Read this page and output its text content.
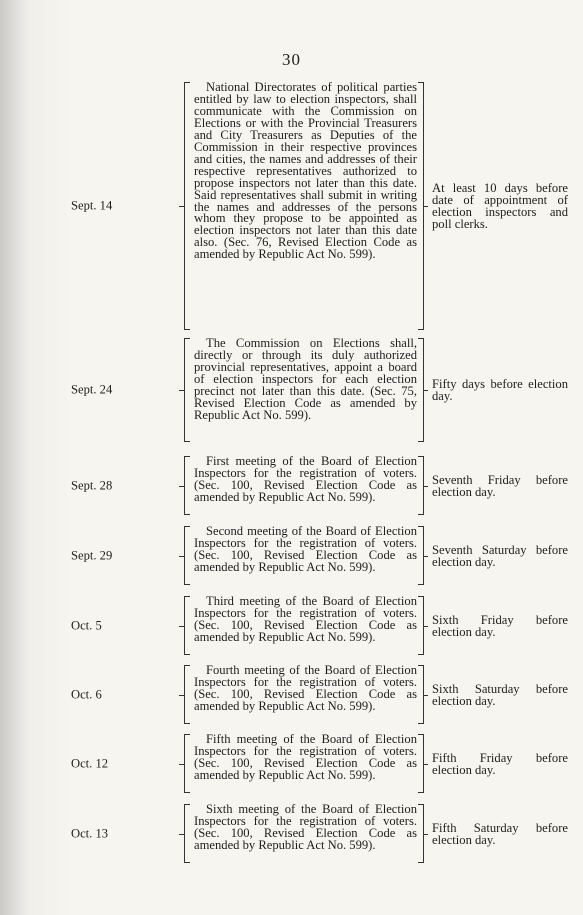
30
Sept. 14
National Directorates of political parties entitled by law to election inspectors, shall communicate with the Commission on Elections or with the Provincial Treasurers and City Treasurers as Deputies of the Commission in their respective provinces and cities, the names and addresses of their respective representatives authorized to propose inspectors not later than this date. Said representatives shall submit in writing the names and addresses of the persons whom they propose to be appointed as election inspectors not later than this date also. (Sec. 76, Revised Election Code as amended by Republic Act No. 599).
At least 10 days before date of appointment of election inspectors and poll clerks.
Sept. 24
The Commission on Elections shall, directly or through its duly authorized provincial representatives, appoint a board of election inspectors for each election precinct not later than this date. (Sec. 75, Revised Election Code as amended by Republic Act No. 599).
Fifty days before election day.
Sept. 28
First meeting of the Board of Election Inspectors for the registration of voters. (Sec. 100, Revised Election Code as amended by Republic Act No. 599).
Seventh Friday before election day.
Sept. 29
Second meeting of the Board of Election Inspectors for the registration of voters. (Sec. 100, Revised Election Code as amended by Republic Act No. 599).
Seventh Saturday before election day.
Oct. 5
Third meeting of the Board of Election Inspectors for the registration of voters. (Sec. 100, Revised Election Code as amended by Republic Act No. 599).
Sixth Friday before election day.
Oct. 6
Fourth meeting of the Board of Election Inspectors for the registration of voters. (Sec. 100, Revised Election Code as amended by Republic Act No. 599).
Sixth Saturday before election day.
Oct. 12
Fifth meeting of the Board of Election Inspectors for the registration of voters. (Sec. 100, Revised Election Code as amended by Republic Act No. 599).
Fifth Friday before election day.
Oct. 13
Sixth meeting of the Board of Election Inspectors for the registration of voters. (Sec. 100, Revised Election Code as amended by Republic Act No. 599).
Fifth Saturday before election day.
